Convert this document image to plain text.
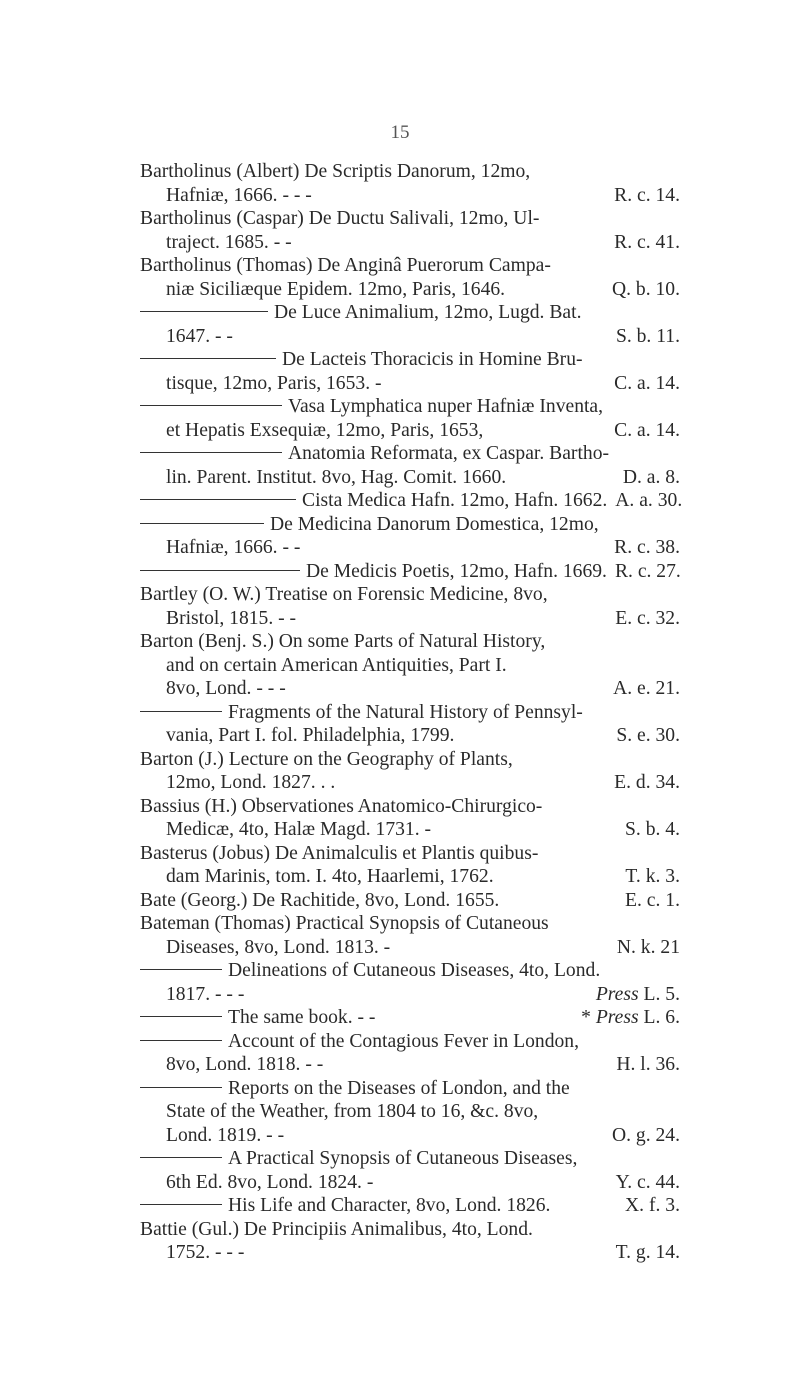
15
Bartholinus (Albert) De Scriptis Danorum, 12mo,
Hafniæ, 1666. - - -	R. c. 14.
Bartholinus (Caspar) De Ductu Salivali, 12mo, Ul-
traject. 1685. - -	R. c. 41.
Bartholinus (Thomas) De Anginâ Puerorum Campa-
niæ Siciliæque Epidem. 12mo, Paris, 1646.	Q. b. 10.
De Luce Animalium, 12mo, Lugd. Bat.
1647. - -	S. b. 11.
De Lacteis Thoracicis in Homine Bru-
tisque, 12mo, Paris, 1653. -	C. a. 14.
Vasa Lymphatica nuper Hafniæ Inventa,
et Hepatis Exsequiæ, 12mo, Paris, 1653,	C. a. 14.
Anatomia Reformata, ex Caspar. Bartho-
lin. Parent. Institut. 8vo, Hag. Comit. 1660.	D. a. 8.
Cista Medica Hafn. 12mo, Hafn. 1662. A. a. 30.
De Medicina Danorum Domestica, 12mo,
Hafniæ, 1666. - -	R. c. 38.
De Medicis Poetis, 12mo, Hafn. 1669. R. c. 27.
Bartley (O. W.) Treatise on Forensic Medicine, 8vo,
Bristol, 1815. - -	E. c. 32.
Barton (Benj. S.) On some Parts of Natural History,
and on certain American Antiquities, Part I.
8vo, Lond. - - -	A. e. 21.
Fragments of the Natural History of Pennsyl-
vania, Part I. fol. Philadelphia, 1799.	S. e. 30.
Barton (J.) Lecture on the Geography of Plants,
12mo, Lond. 1827. . .	E. d. 34.
Bassius (H.) Observationes Anatomico-Chirurgico-
Medicæ, 4to, Halæ Magd. 1731. -	S. b. 4.
Basterus (Jobus) De Animalculis et Plantis quibus-
dam Marinis, tom. I. 4to, Haarlemi, 1762.	T. k. 3.
Bate (Georg.) De Rachitide, 8vo, Lond. 1655.	E. c. 1.
Bateman (Thomas) Practical Synopsis of Cutaneous
Diseases, 8vo, Lond. 1813. -	N. k. 21
Delineations of Cutaneous Diseases, 4to, Lond.
1817. - - -	Press L. 5.
The same book. - -	* Press L. 6.
Account of the Contagious Fever in London,
8vo, Lond. 1818. - -	H. l. 36.
Reports on the Diseases of London, and the
State of the Weather, from 1804 to 16, &c. 8vo,
Lond. 1819. - -	O. g. 24.
A Practical Synopsis of Cutaneous Diseases,
6th Ed. 8vo, Lond. 1824. -	Y. c. 44.
His Life and Character, 8vo, Lond. 1826.	X. f. 3.
Battie (Gul.) De Principiis Animalibus, 4to, Lond.
1752. - - -	T. g. 14.
